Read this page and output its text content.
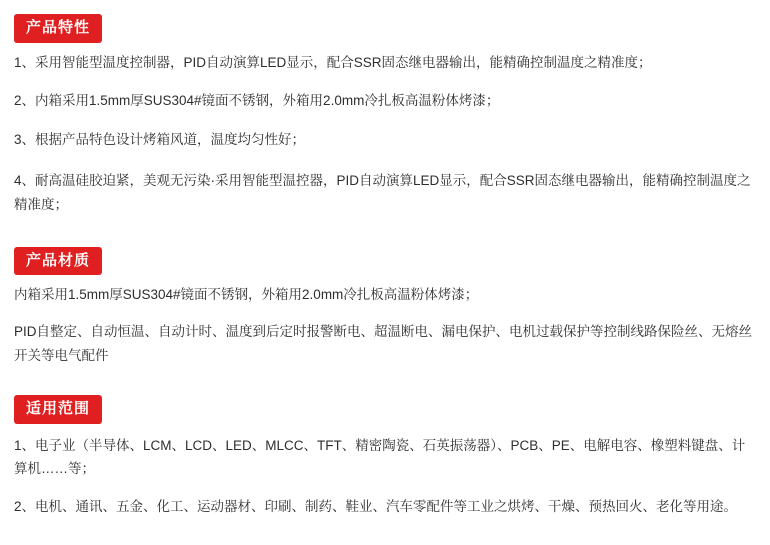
产品特性

1、采用智能型温度控制器，PID自动演算LED显示，配合SSR固态继电器输出，能精确控制温度之精准度；

2、内箱采用1.5mm厚SUS304#镜面不锈钢，外箱用2.0mm冷扎板高温粉体烤漆；

3、根据产品特色设计烤箱风道，温度均匀性好；

4、耐高温硅胶迫紧，美观无污染·采用智能型温控器，PID自动演算LED显示，配合SSR固态继电器输出，能精确控制温度之精准度；

产品材质

内箱采用1.5mm厚SUS304#镜面不锈钢，外箱用2.0mm冷扎板高温粉体烤漆；

PID自整定、自动恒温、自动计时、温度到后定时报警断电、超温断电、漏电保护、电机过载保护等控制线路保险丝、无熔丝开关等电气配件

适用范围

1、电子业（半导体、LCM、LCD、LED、MLCC、TFT、精密陶瓷、石英振荡器）、PCB、PE、电解电容、橡塑料键盘、计算机……等；

2、电机、通讯、五金、化工、运动器材、印刷、制药、鞋业、汽车零配件等工业之烘烤、干燥、预热回火、老化等用途。
